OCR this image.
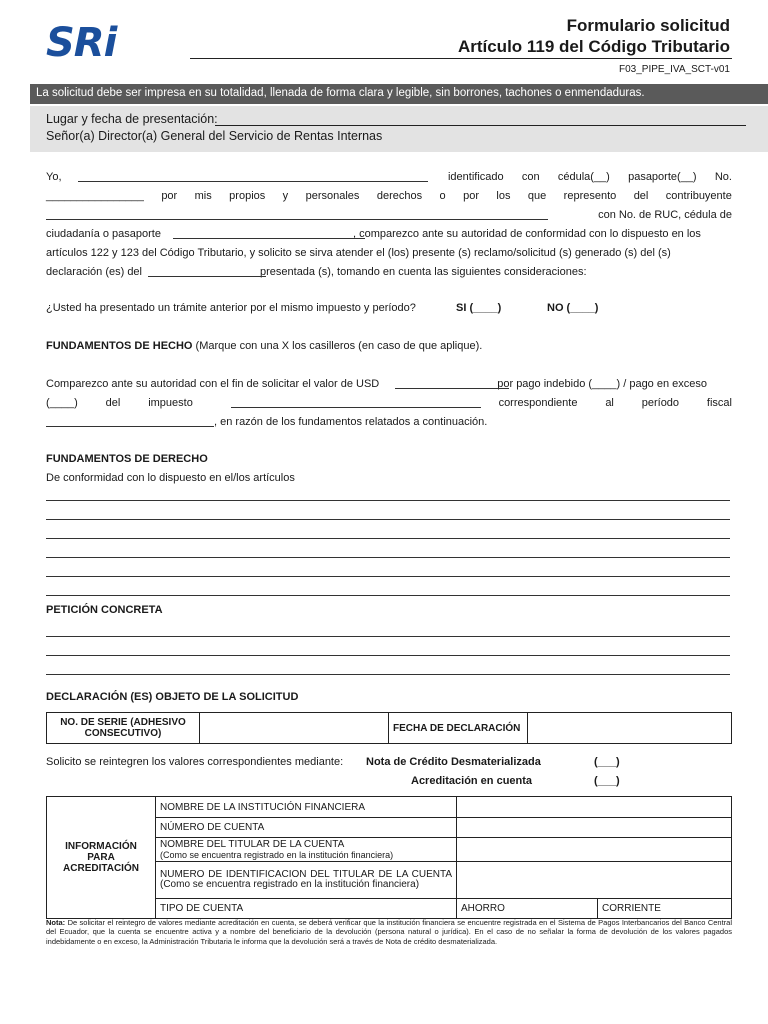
SRi	Formulario solicitud
Artículo 119 del Código Tributario
F03_PIPE_IVA_SCT-v01
La solicitud debe ser impresa en su totalidad, llenada de forma clara y legible, sin borrones, tachones o enmendaduras.
Lugar y fecha de presentación:
Señor(a) Director(a) General del Servicio de Rentas Internas
Yo,	identificado con cédula(__) pasaporte(__) No.
________________ por mis propios y personales derechos o por los que represento del contribuyente
con No. de RUC, cédula de
ciudadanía o pasaporte	, comparezco ante su autoridad de conformidad con lo dispuesto en los
artículos 122 y 123 del Código Tributario, y solicito se sirva atender el (los) presente (s) reclamo/solicitud (s) generado (s) del (s)
declaración (es) del	presentada (s), tomando en cuenta las siguientes consideraciones:
¿Usted ha presentado un trámite anterior por el mismo impuesto y período?	SI (____)	NO (____)
FUNDAMENTOS DE HECHO (Marque con una X los casilleros (en caso de que aplique).
Comparezco ante su autoridad con el fin de solicitar el valor de USD	por pago indebido (____) / pago en exceso
(____)	del	impuesto	correspondiente	al	período	fiscal
, en razón de los fundamentos relatados a continuación.
FUNDAMENTOS DE DERECHO
De conformidad con lo dispuesto en el/los artículos
PETICIÓN CONCRETA
DECLARACIÓN (ES) OBJETO DE LA SOLICITUD
NO. DE SERIE (ADHESIVO CONSECUTIVO)		FECHA DE DECLARACIÓN	
Solicito se reintegren los valores correspondientes mediante: Nota de Crédito Desmaterializada	(___)
Acreditación en cuenta	(___)
INFORMACIÓN PARA ACREDITACIÓN	NOMBRE DE LA INSTITUCIÓN FINANCIERA		
	NÚMERO DE CUENTA		

	NOMBRE DEL TITULAR DE LA CUENTA
(Como se encuentra registrado en la institución financiera)		

	NUMERO DE IDENTIFICACION DEL TITULAR DE LA CUENTA (Como se encuentra registrado en la institución financiera)		
	TIPO DE CUENTA	AHORRO	CORRIENTE
Nota: De solicitar el reintegro de valores mediante acreditación en cuenta, se deberá verificar que la institución financiera se encuentre registrada en el Sistema de Pagos Interbancarios del Banco Central del Ecuador, que la cuenta se encuentre activa y a nombre del beneficiario de la devolución (persona natural o jurídica). En el caso de no señalar la forma de devolución de los valores pagados indebidamente o en exceso, la Administración Tributaria le informa que la devolución será a través de Nota de crédito desmaterializada.
